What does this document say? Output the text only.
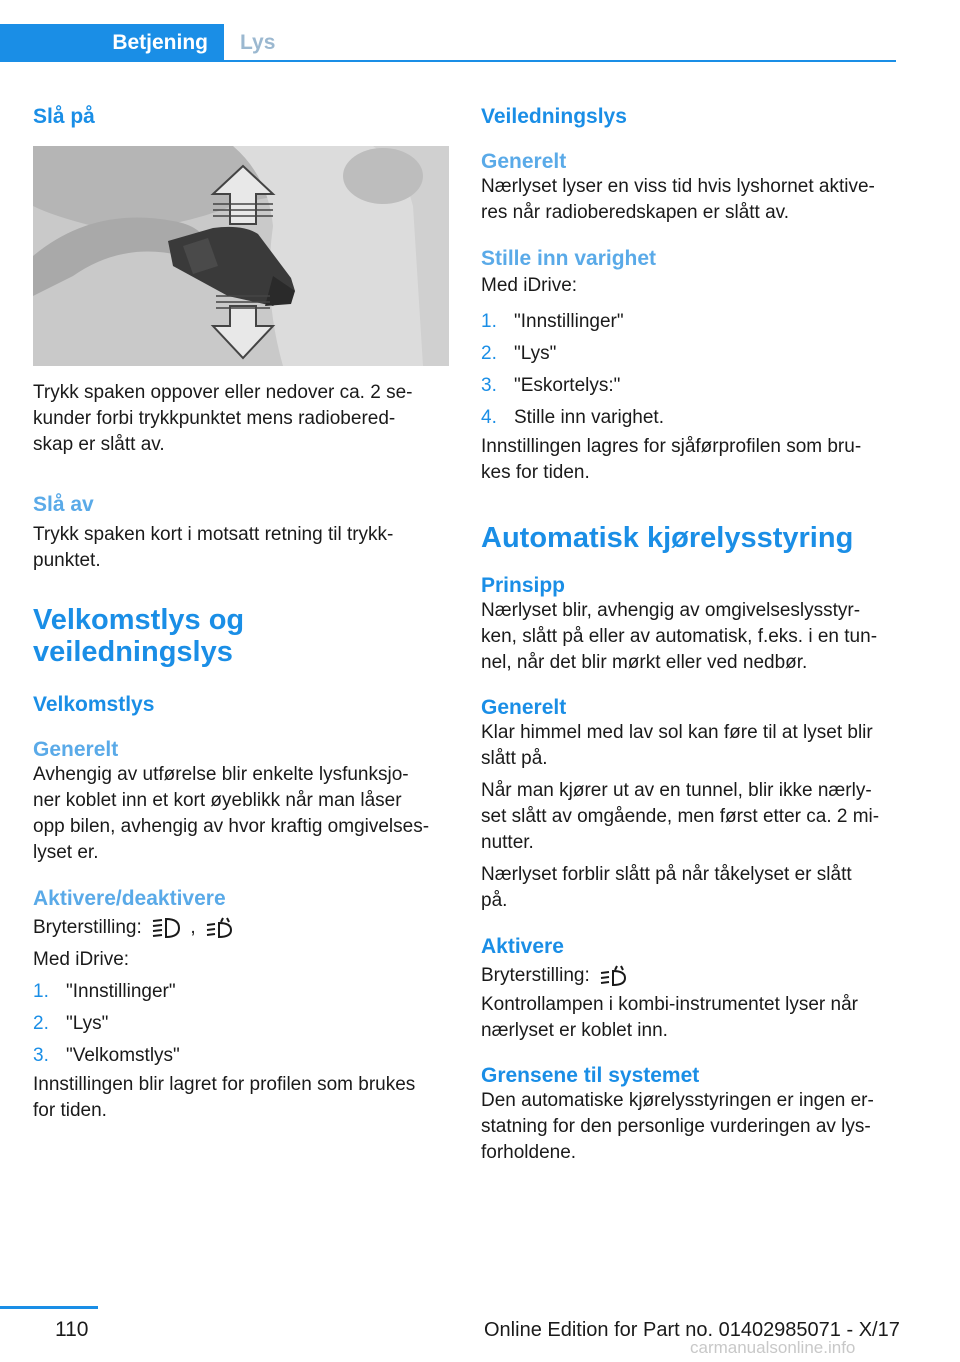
Betjening	Lys
Slå på

Trykk spaken oppover eller nedover ca. 2 se-
kunder forbi trykkpunktet mens radiobered-
skap er slått av.

Slå av

Trykk spaken kort i motsatt retning til trykk-
punktet.

Velkomstlys og
veiledningslys
Velkomstlys
Generelt

Avhengig av utførelse blir enkelte lysfunksjo-
ner koblet inn et kort øyeblikk når man låser
opp bilen, avhengig av hvor kraftig omgivelses-
lyset er.

Aktivere/deaktivere

Bryterstilling:	,

Med iDrive:

1. "Innstillinger"
2. "Lys"
3. "Velkomstlys"

Innstillingen blir lagret for profilen som brukes
for tiden.

Veiledningslys
Generelt

Nærlyset lyser en viss tid hvis lyshornet aktive-
res når radioberedskapen er slått av.

Stille inn varighet

Med iDrive:

1. "Innstillinger"
2. "Lys"
3. "Eskortelys:"
4. Stille inn varighet.

Innstillingen lagres for sjåførprofilen som bru-
kes for tiden.

Automatisk kjørelysstyring
Prinsipp

Nærlyset blir, avhengig av omgivelseslysstyr-
ken, slått på eller av automatisk, f.eks. i en tun-
nel, når det blir mørkt eller ved nedbør.

Generelt

Klar himmel med lav sol kan føre til at lyset blir
slått på.

Når man kjører ut av en tunnel, blir ikke nærly-
set slått av omgående, men først etter ca. 2 mi-
nutter.

Nærlyset forblir slått på når tåkelyset er slått
på.

Aktivere

Bryterstilling:

Kontrollampen i kombi-instrumentet lyser når
nærlyset er koblet inn.

Grensene til systemet

Den automatiske kjørelysstyringen er ingen er-
statning for den personlige vurderingen av lys-
forholdene.

110	Online Edition for Part no. 01402985071 - X/17
carmanualsonline.info
